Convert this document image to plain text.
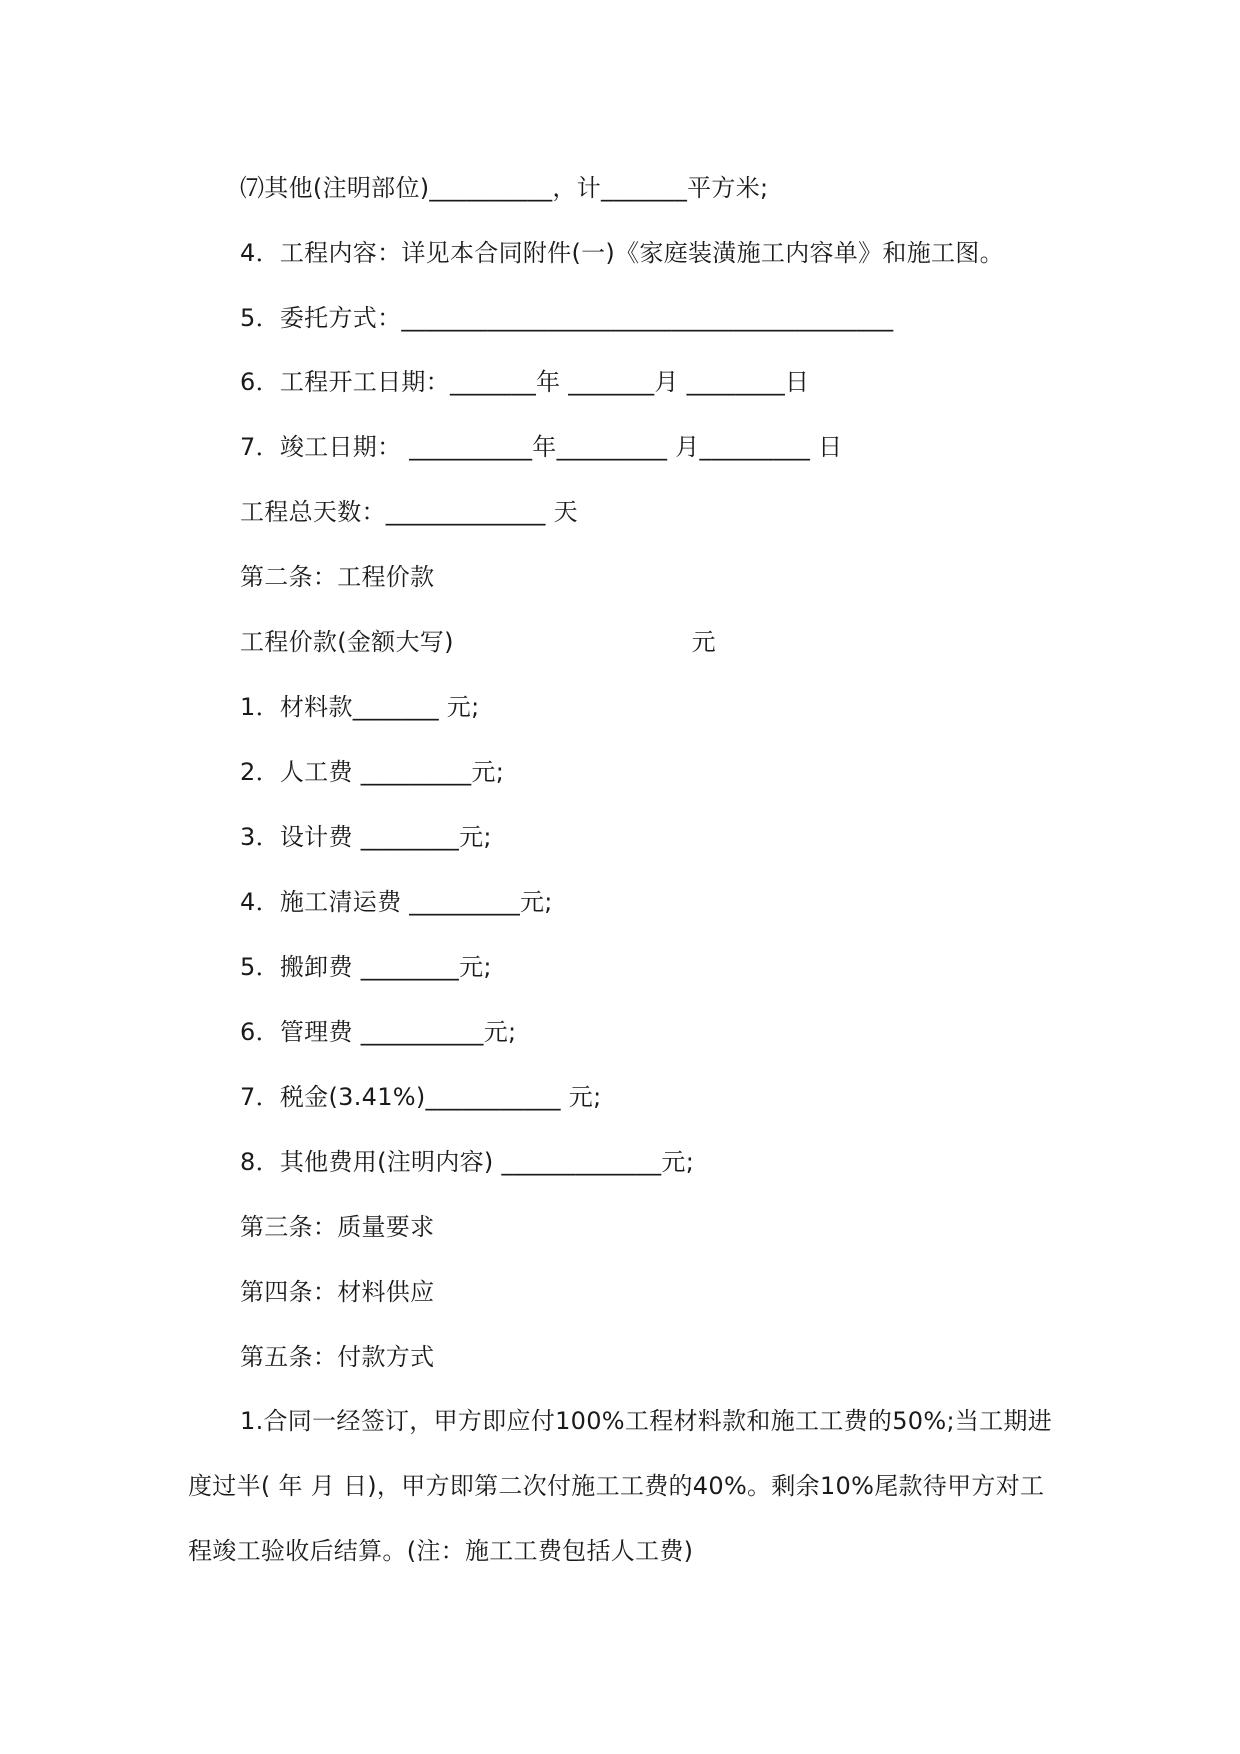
⑺其他(注明部位)__________，计_______平方米;
4．工程内容：详见本合同附件(一)《家庭装潢施工内容单》和施工图。
5．委托方式：________________________________________
6．工程开工日期：_______年 _______月 ________日
7．竣工日期： __________年_________ 月_________ 日
工程总天数：_____________ 天
第二条：工程价款
工程价款(金额大写)                              元
1．材料款_______ 元;
2．人工费 _________元;
3．设计费 ________元;
4．施工清运费 _________元;
5．搬卸费 ________元;
6．管理费 __________元;
7．税金(3.41%)___________ 元;
8．其他费用(注明内容) _____________元;
第三条：质量要求
第四条：材料供应
第五条：付款方式
1.合同一经签订，甲方即应付100%工程材料款和施工工费的50%;当工期进度过半( 年 月 日)，甲方即第二次付施工工费的40%。剩余10%尾款待甲方对工程竣工验收后结算。(注：施工工费包括人工费)
